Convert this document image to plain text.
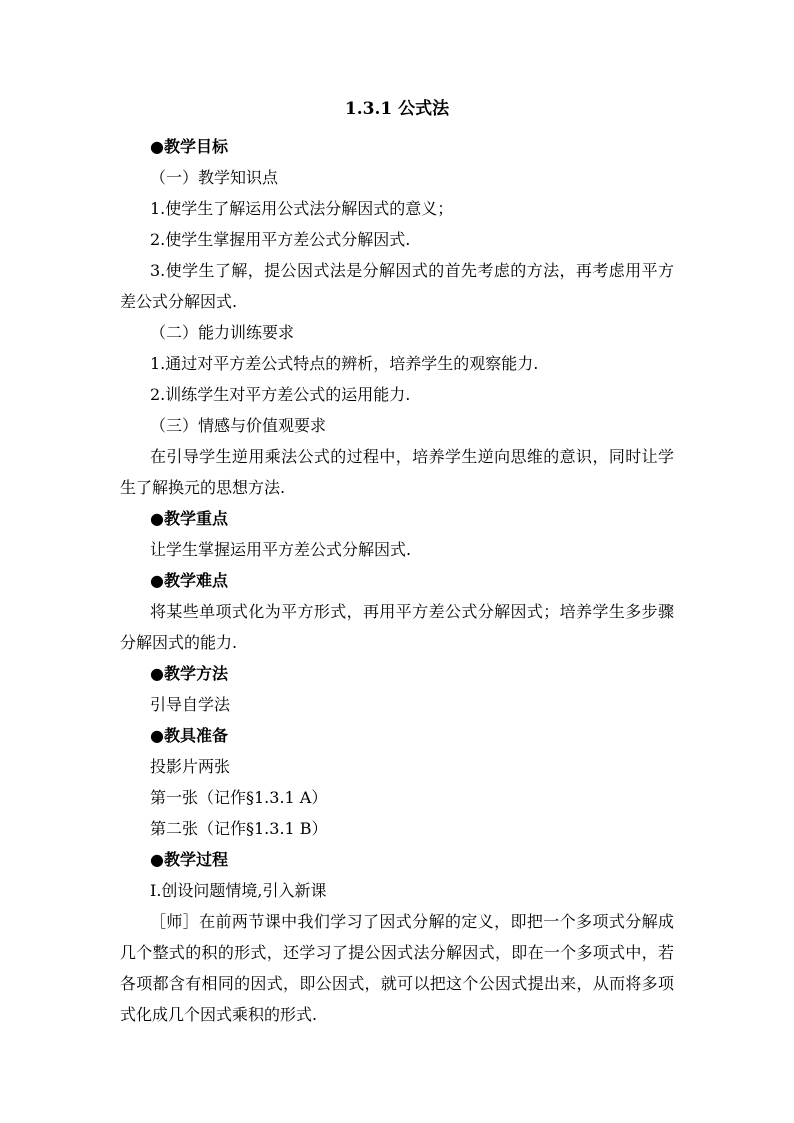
1.3.1 公式法
●教学目标
（一）教学知识点
1.使学生了解运用公式法分解因式的意义；
2.使学生掌握用平方差公式分解因式.
3.使学生了解，提公因式法是分解因式的首先考虑的方法，再考虑用平方
差公式分解因式.
（二）能力训练要求
1.通过对平方差公式特点的辨析，培养学生的观察能力.
2.训练学生对平方差公式的运用能力.
（三）情感与价值观要求
在引导学生逆用乘法公式的过程中，培养学生逆向思维的意识，同时让学
生了解换元的思想方法.
●教学重点
让学生掌握运用平方差公式分解因式.
●教学难点
将某些单项式化为平方形式，再用平方差公式分解因式；培养学生多步骤
分解因式的能力.
●教学方法
引导自学法
●教具准备
投影片两张
第一张（记作§1.3.1 A）
第二张（记作§1.3.1 B）
●教学过程
Ⅰ.创设问题情境,引入新课
［师］在前两节课中我们学习了因式分解的定义，即把一个多项式分解成
几个整式的积的形式，还学习了提公因式法分解因式，即在一个多项式中，若
各项都含有相同的因式，即公因式，就可以把这个公因式提出来，从而将多项
式化成几个因式乘积的形式.
